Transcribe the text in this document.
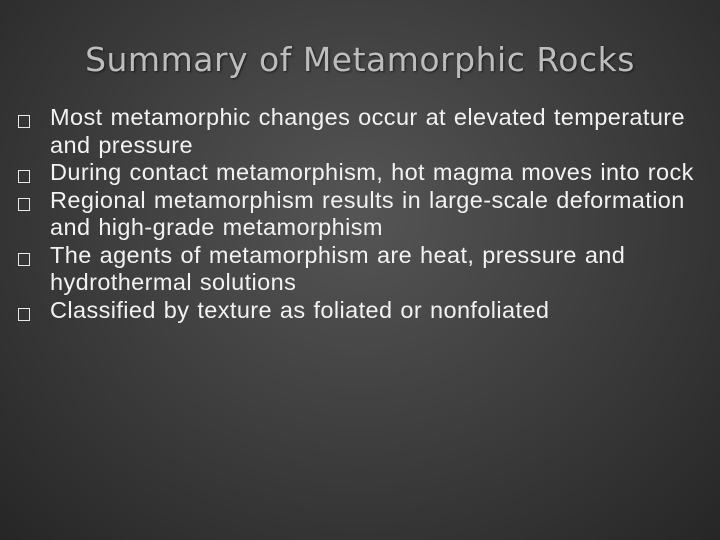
Summary of Metamorphic Rocks
Most metamorphic changes occur at elevated temperature and pressure
During contact metamorphism, hot magma moves into rock
Regional metamorphism results in large-scale deformation and high-grade metamorphism
The agents of metamorphism are heat, pressure and hydrothermal solutions
Classified by texture as foliated or nonfoliated
